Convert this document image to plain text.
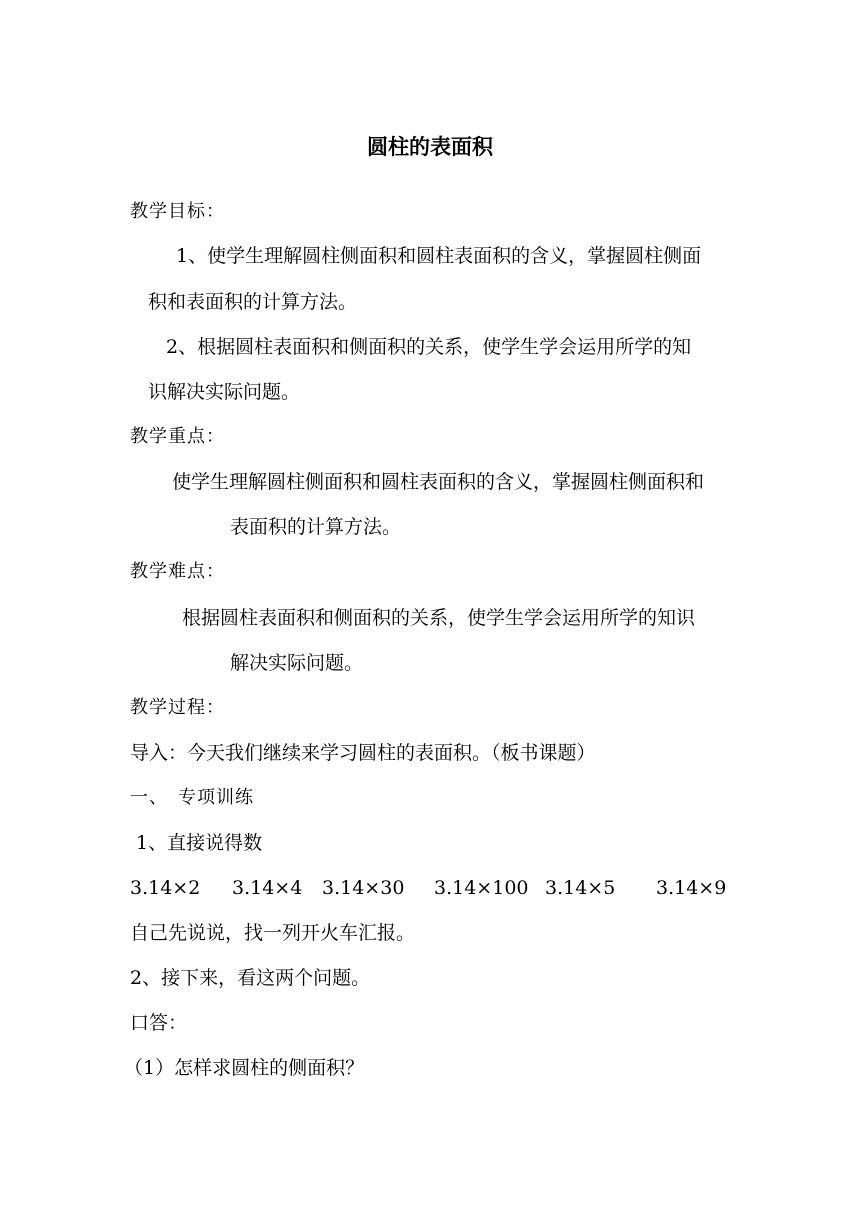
圆柱的表面积
教学目标：
1、使学生理解圆柱侧面积和圆柱表面积的含义，掌握圆柱侧面
积和表面积的计算方法。
2、根据圆柱表面积和侧面积的关系，使学生学会运用所学的知
识解决实际问题。
教学重点：
使学生理解圆柱侧面积和圆柱表面积的含义，掌握圆柱侧面积和
表面积的计算方法。
教学难点：
根据圆柱表面积和侧面积的关系，使学生学会运用所学的知识
解决实际问题。
教学过程：
导入：今天我们继续来学习圆柱的表面积。（板书课题）
一、　专项训练
1、直接说得数
3.14×2 3.14×4 3.14×30 3.14×100 3.14×5 3.14×9
自己先说说，找一列开火车汇报。
2、接下来，看这两个问题。
口答：
（1）怎样求圆柱的侧面积？
